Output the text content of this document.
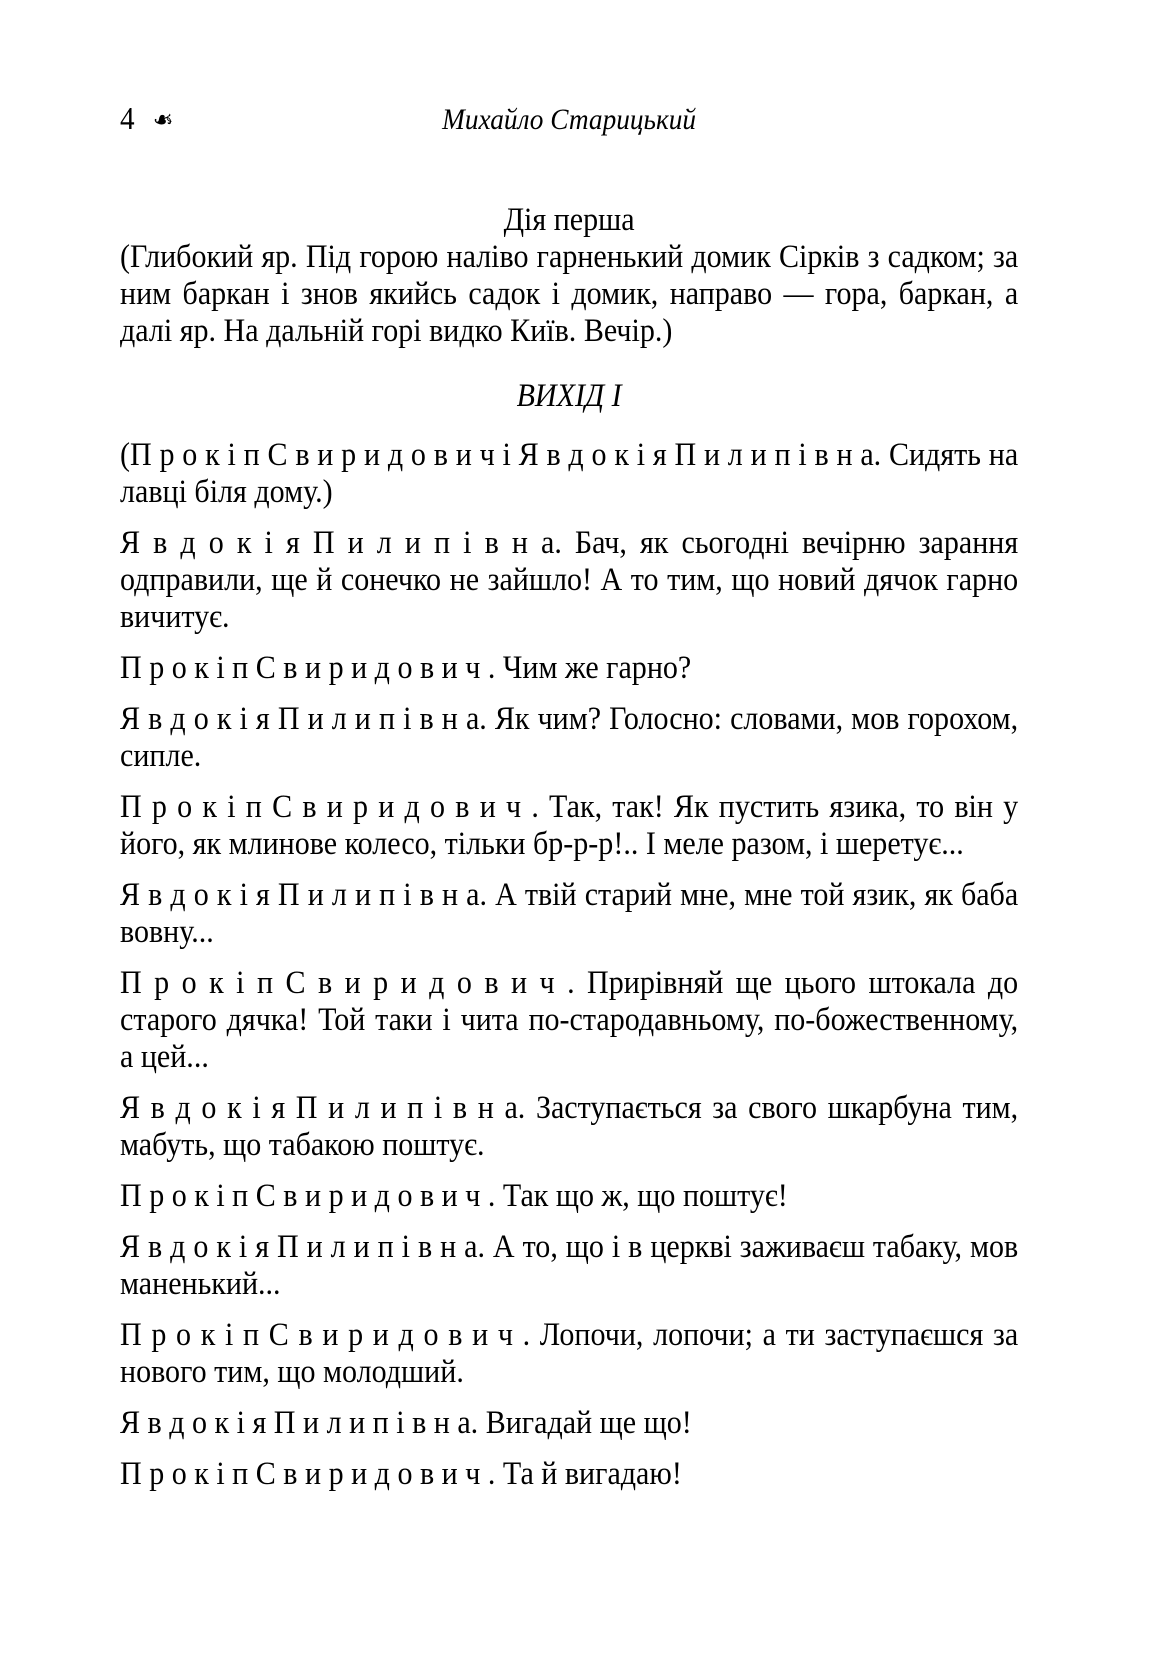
4 ❧	Михайло Старицький
Дія перша

(Глибокий яр. Під горою наліво гарненький домик Сірків з садком; за ним баркан і знов якийсь садок і домик, направо — гора, баркан, а далі яр. На дальній горі видко Київ. Вечір.)

ВИХІД І

(П р о к і п С в и р и д о в и ч і Я в д о к і я П и л и п і в н а. Сидять на лавці біля дому.)

Я в д о к і я П и л и п і в н а. Бач, як сьогодні вечірню зарання одправили, ще й сонечко не зайшло! А то тим, що новий дячок гарно вичитує.

П р о к і п С в и р и д о в и ч . Чим же гарно?

Я в д о к і я П и л и п і в н а. Як чим? Голосно: словами, мов горохом, сипле.

П р о к і п С в и р и д о в и ч . Так, так! Як пустить язика, то він у його, як млинове колесо, тільки бр-р-р!.. І меле разом, і шеретує...

Я в д о к і я П и л и п і в н а. А твій старий мне, мне той язик, як баба вовну...

П р о к і п С в и р и д о в и ч . Прирівняй ще цього штокала до старого дячка! Той таки і чита по-стародавньому, по-божественному, а цей...

Я в д о к і я П и л и п і в н а. Заступається за свого шкарбуна тим, мабуть, що табакою поштує.

П р о к і п С в и р и д о в и ч . Так що ж, що поштує!

Я в д о к і я П и л и п і в н а. А то, що і в церкві заживаєш табаку, мов маненький...

П р о к і п С в и р и д о в и ч . Лопочи, лопочи; а ти заступаєшся за нового тим, що молодший.

Я в д о к і я П и л и п і в н а. Вигадай ще що!

П р о к і п С в и р и д о в и ч . Та й вигадаю!
